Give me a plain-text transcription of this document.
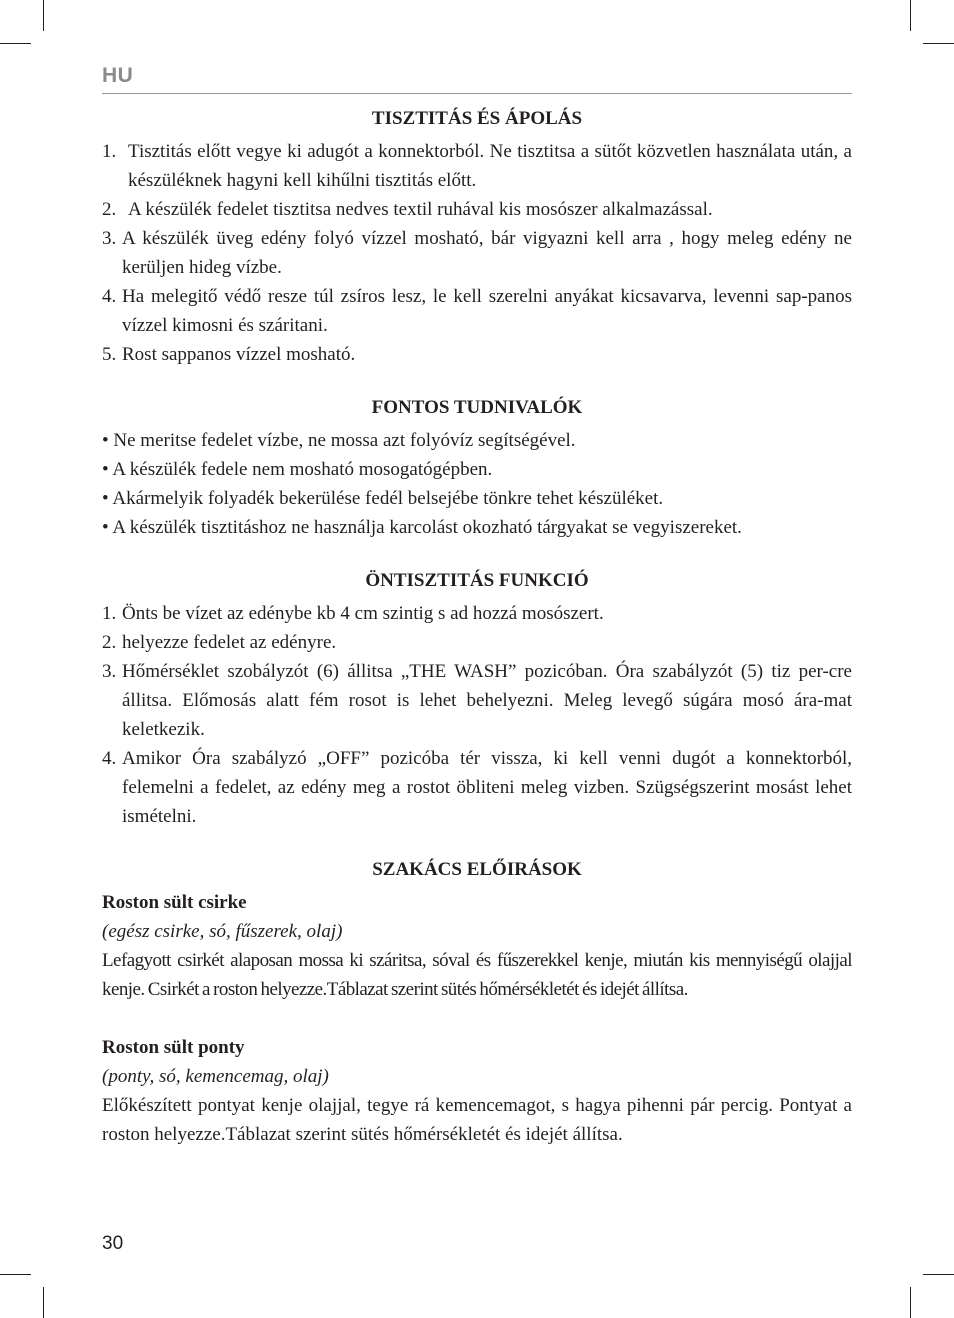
HU
TISZTITÁS ÉS ÁPOLÁS
1. Tisztitás előtt vegye ki adugót a konnektorból. Ne tisztitsa a sütőt közvetlen használata után, a készüléknek hagyni kell kihűlni tisztitás előtt.
2. A készülék fedelet tisztitsa nedves textil ruhával kis mosószer alkalmazással.
3. A készülék üveg edény folyó vízzel mosható, bár vigyazni kell arra , hogy meleg edény ne kerüljen hideg vízbe.
4. Ha melegitő védő resze túl zsíros lesz, le kell szerelni anyákat kicsavarva, levenni sap-panos vízzel kimosni és száritani.
5. Rost sappanos vízzel mosható.
FONTOS TUDNIVALÓK
• Ne meritse fedelet vízbe, ne mossa azt folyóvíz segítségével.
• A készülék fedele nem mosható mosogatógépben.
• Akármelyik folyadék bekerülése fedél belsejébe tönkre tehet készüléket.
• A készülék tisztitáshoz ne használja karcolást okozható tárgyakat se vegyiszereket.
ÖNTISZTITÁS FUNKCIÓ
1. Önts be vízet az edénybe kb 4 cm szintig s ad hozzá mosószert.
2. helyezze fedelet az edényre.
3. Hőmérséklet szobályzót (6) állitsa „THE WASH” pozicóban. Óra szabályzót (5) tiz per-cre állitsa. Előmosás alatt fém rosot is lehet behelyezni. Meleg levegő súgára mosó ára-mat keletkezik.
4. Amikor Óra szabályzó „OFF” pozicóba tér vissza, ki kell venni dugót a konnektorból, felemelni a fedelet, az edény meg a rostot öbliteni meleg vizben. Szügségszerint mosást lehet ismételni.
SZAKÁCS ELŐIRÁSOK
Roston sült csirke
(egész csirke, só, fűszerek, olaj)
Lefagyott csirkét alaposan mossa ki száritsa, sóval és fűszerekkel kenje, miután kis mennyiségű olajjal kenje. Csirkét a roston helyezze.Táblazat szerint sütés hőmérsékletét és idejét állítsa.
Roston sült ponty
(ponty, só, kemencemag, olaj)
Előkészített pontyat kenje olajjal, tegye rá kemencemagot, s hagya pihenni pár percig. Pontyat a roston helyezze.Táblazat szerint sütés hőmérsékletét és idejét állítsa.
30
